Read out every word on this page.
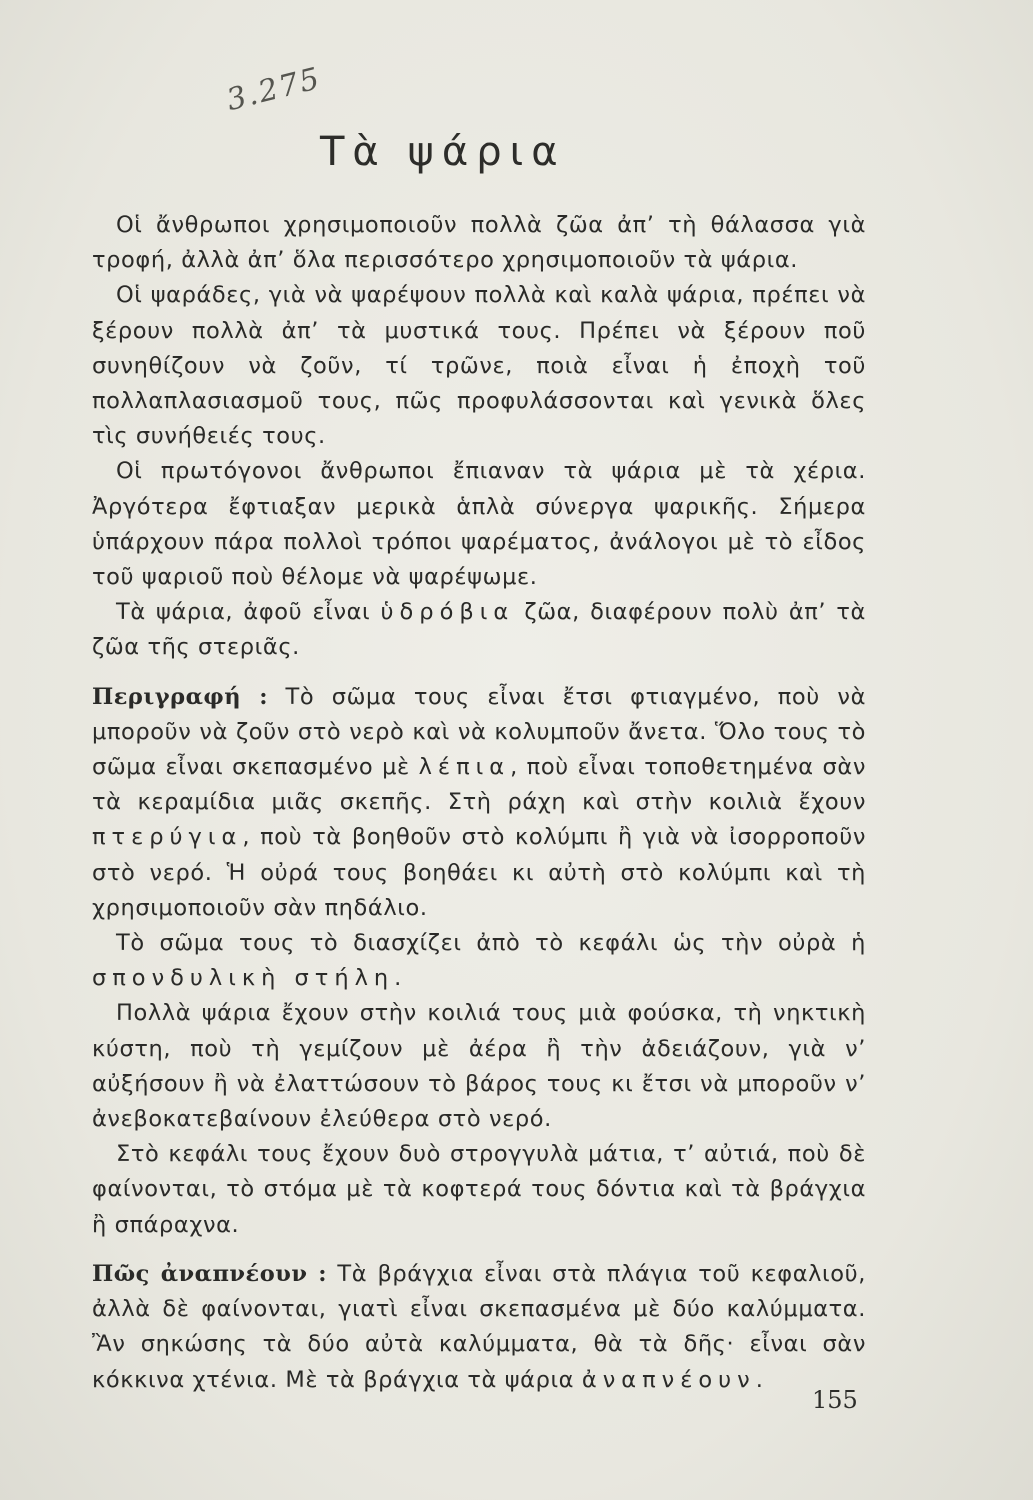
3.275
Τὰ ψάρια

Οἱ ἄνθρωποι χρησιμοποιοῦν πολλὰ ζῶα ἀπ’ τὴ θάλασσα γιὰ τροφή, ἀλλὰ ἀπ’ ὅλα περισσότερο χρησιμοποιοῦν τὰ ψάρια.

Οἱ ψαράδες, γιὰ νὰ ψαρέψουν πολλὰ καὶ καλὰ ψάρια, πρέπει νὰ ξέρουν πολλὰ ἀπ’ τὰ μυστικά τους. Πρέπει νὰ ξέρουν ποῦ συνηθίζουν νὰ ζοῦν, τί τρῶνε, ποιὰ εἶναι ἡ ἐποχὴ τοῦ πολλαπλασιασμοῦ τους, πῶς προφυλάσσονται καὶ γενικὰ ὅλες τὶς συνήθειές τους.

Οἱ πρωτόγονοι ἄνθρωποι ἔπιαναν τὰ ψάρια μὲ τὰ χέρια. Ἀργότερα ἔφτιαξαν μερικὰ ἁπλὰ σύνεργα ψαρικῆς. Σήμερα ὑπάρχουν πάρα πολλοὶ τρόποι ψαρέματος, ἀνάλογοι μὲ τὸ εἶδος τοῦ ψαριοῦ ποὺ θέλομε νὰ ψαρέψωμε.

Τὰ ψάρια, ἀφοῦ εἶναι ὑδρόβια ζῶα, διαφέρουν πολὺ ἀπ’ τὰ ζῶα τῆς στεριᾶς.

Περιγραφή : Τὸ σῶμα τους εἶναι ἔτσι φτιαγμένο, ποὺ νὰ μποροῦν νὰ ζοῦν στὸ νερὸ καὶ νὰ κολυμποῦν ἄνετα. Ὅλο τους τὸ σῶμα εἶναι σκεπασμένο μὲ λέπια, ποὺ εἶναι τοποθετημένα σὰν τὰ κεραμίδια μιᾶς σκεπῆς. Στὴ ράχη καὶ στὴν κοιλιὰ ἔχουν πτερύγια, ποὺ τὰ βοηθοῦν στὸ κολύμπι ἢ γιὰ νὰ ἰσορροποῦν στὸ νερό. Ἡ οὐρά τους βοηθάει κι αὐτὴ στὸ κολύμπι καὶ τὴ χρησιμοποιοῦν σὰν πηδάλιο.

Τὸ σῶμα τους τὸ διασχίζει ἀπὸ τὸ κεφάλι ὡς τὴν οὐρὰ ἡ σπονδυλικὴ στήλη.

Πολλὰ ψάρια ἔχουν στὴν κοιλιά τους μιὰ φούσκα, τὴ νηκτικὴ κύστη, ποὺ τὴ γεμίζουν μὲ ἀέρα ἢ τὴν ἀδειάζουν, γιὰ ν’ αὐξήσουν ἢ νὰ ἐλαττώσουν τὸ βάρος τους κι ἔτσι νὰ μποροῦν ν’ ἀνεβοκατεβαίνουν ἐλεύθερα στὸ νερό.

Στὸ κεφάλι τους ἔχουν δυὸ στρογγυλὰ μάτια, τ’ αὐτιά, ποὺ δὲ φαίνονται, τὸ στόμα μὲ τὰ κοφτερά τους δόντια καὶ τὰ βράγχια ἢ σπάραχνα.

Πῶς ἀναπνέουν : Τὰ βράγχια εἶναι στὰ πλάγια τοῦ κεφαλιοῦ, ἀλλὰ δὲ φαίνονται, γιατὶ εἶναι σκεπασμένα μὲ δύο καλύμματα. Ἂν σηκώσης τὰ δύο αὐτὰ καλύμματα, θὰ τὰ δῆς· εἶναι σὰν κόκκινα χτένια. Μὲ τὰ βράγχια τὰ ψάρια ἀναπνέουν.

155
